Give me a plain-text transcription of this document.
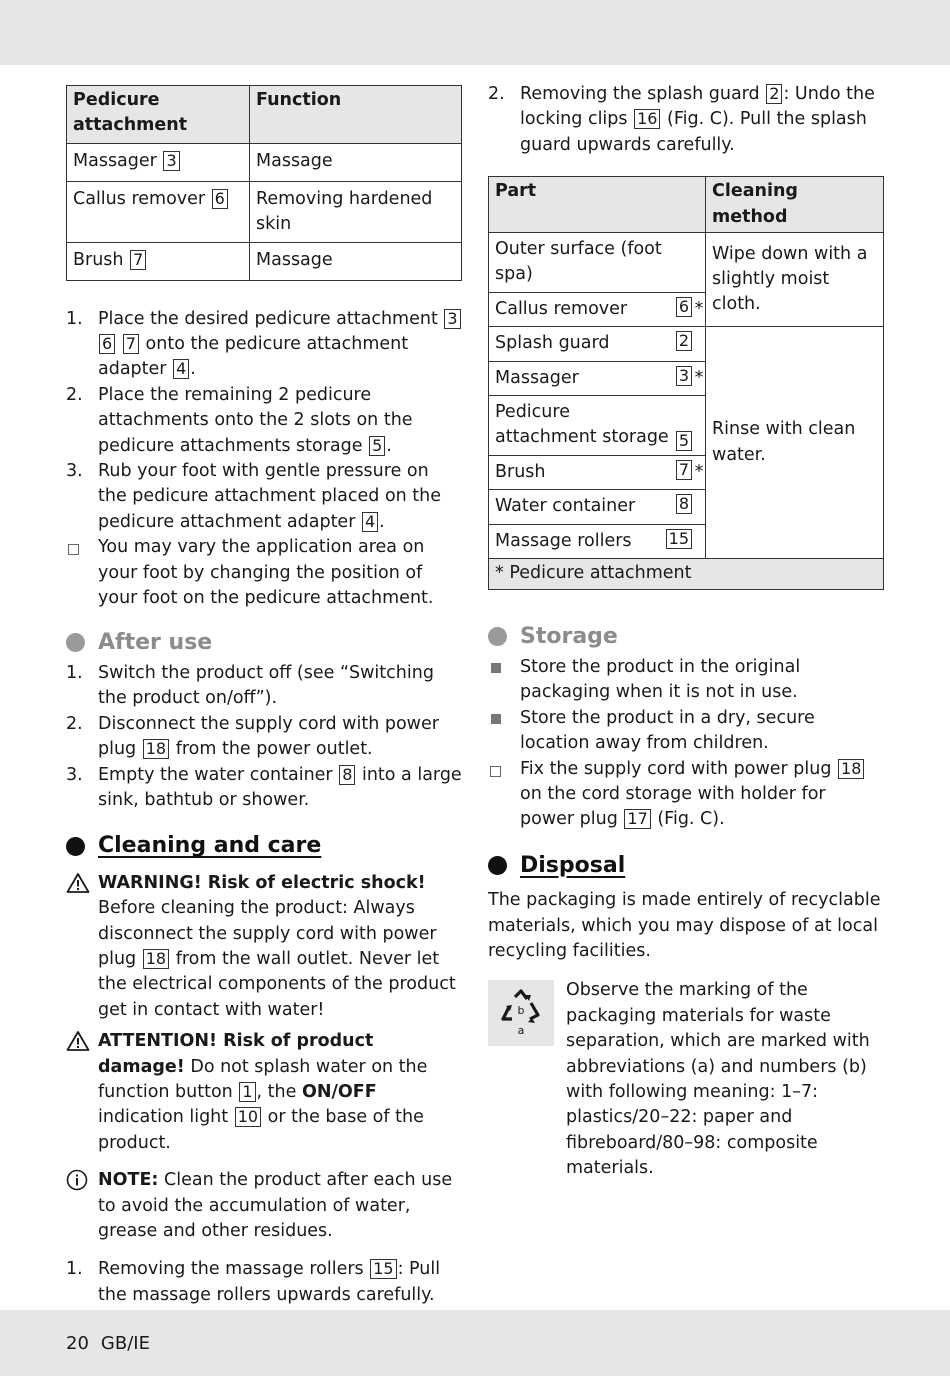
Pedicure attachment	Function
Massager 3	Massage
Callus remover 6	Removing hardened skin
Brush 7	Massage
1. Place the desired pedicure attachment 3 6 7 onto the pedicure attachment adapter 4 .
2. Place the remaining 2 pedicure attachments onto the 2 slots on the pedicure attachments storage 5 .
3. Rub your foot with gentle pressure on the pedicure attachment placed on the pedicure attachment adapter 4 .
You may vary the application area on your foot by changing the position of your foot on the pedicure attachment.
After use
1. Switch the product off (see “Switching the product on/off”).
2. Disconnect the supply cord with power plug 18 from the power outlet.
3. Empty the water container 8 into a large sink, bathtub or shower.
Cleaning and care
WARNING! Risk of electric shock!
Before cleaning the product: Always disconnect the supply cord with power plug 18 from the wall outlet. Never let the electrical components of the product get in contact with water!
ATTENTION! Risk of product damage! Do not splash water on the function button 1 , the ON/OFF indication light 10 or the base of the product.
NOTE: Clean the product after each use to avoid the accumulation of water, grease and other residues.
1. Removing the massage rollers 15 : Pull the massage rollers upwards carefully.
2. Removing the splash guard 2 : Undo the locking clips 16 (Fig. C). Pull the splash guard upwards carefully.
Part	Cleaning method

Outer surface (foot spa)	Wipe down with a slightly moist cloth.

Callus remover 6 *	

Splash guard 2	Rinse with clean water.

Massager 3 *	

Pedicure attachment storage 5	

Brush 7 *	

Water container 8	

Massage rollers 15	

* Pedicure attachment	
Storage
Store the product in the original packaging when it is not in use.
Store the product in a dry, secure location away from children.
Fix the supply cord with power plug 18 on the cord storage with holder for power plug 17 (Fig. C).
Disposal

The packaging is made entirely of recyclable materials, which you may dispose of at local recycling facilities.

b
a
Observe the marking of the packaging materials for waste separation, which are marked with abbreviations (a) and numbers (b) with following meaning: 1–7: plastics/20–22: paper and fibreboard/80–98: composite materials.
20 GB/IE
